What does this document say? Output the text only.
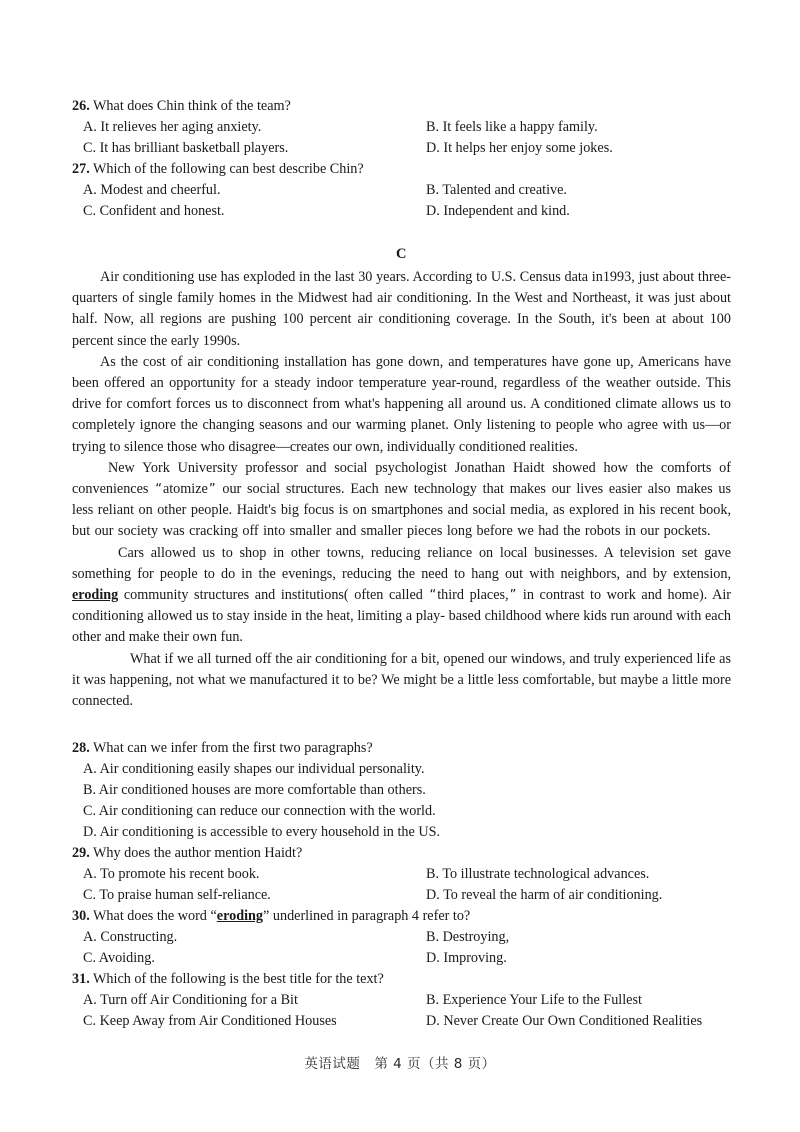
26. What does Chin think of the team?
A. It relieves her aging anxiety.	B. It feels like a happy family.
C. It has brilliant basketball players.	D. It helps her enjoy some jokes.
27. Which of the following can best describe Chin?
A. Modest and cheerful.	B. Talented and creative.
C. Confident and honest.	D. Independent and kind.
C
Air conditioning use has exploded in the last 30 years. According to U.S. Census data in1993, just about three-quarters of single family homes in the Midwest had air conditioning. In the West and Northeast, it was just about half. Now, all regions are pushing 100 percent air conditioning coverage. In the South, it's been at about 100 percent since the early 1990s.
As the cost of air conditioning installation has gone down, and temperatures have gone up, Americans have been offered an opportunity for a steady indoor temperature year-round, regardless of the weather outside. This drive for comfort forces us to disconnect from what's happening all around us. A conditioned climate allows us to completely ignore the changing seasons and our warming planet. Only listening to people who agree with us—or trying to silence those who disagree—creates our own, individually conditioned realities.
New York University professor and social psychologist Jonathan Haidt showed how the comforts of conveniences “atomize” our social structures. Each new technology that makes our lives easier also makes us less reliant on other people. Haidt's big focus is on smartphones and social media, as explored in his recent book, but our society was cracking off into smaller and smaller pieces long before we had the robots in our pockets.
Cars allowed us to shop in other towns, reducing reliance on local businesses. A television set gave something for people to do in the evenings, reducing the need to hang out with neighbors, and by extension, eroding community structures and institutions( often called “third places,” in contrast to work and home). Air conditioning allowed us to stay inside in the heat, limiting a play- based childhood where kids run around with each other and make their own fun.
What if we all turned off the air conditioning for a bit, opened our windows, and truly experienced life as it was happening, not what we manufactured it to be? We might be a little less comfortable, but maybe a little more connected.
28. What can we infer from the first two paragraphs?
A. Air conditioning easily shapes our individual personality.
B. Air conditioned houses are more comfortable than others.
C. Air conditioning can reduce our connection with the world.
D. Air conditioning is accessible to every household in the US.
29. Why does the author mention Haidt?
A. To promote his recent book.	B. To illustrate technological advances.
C. To praise human self-reliance.	D. To reveal the harm of air conditioning.
30. What does the word “eroding” underlined in paragraph 4 refer to?
A. Constructing.	B. Destroying,
C. Avoiding.	D. Improving.
31. Which of the following is the best title for the text?
A. Turn off Air Conditioning for a Bit	B. Experience Your Life to the Fullest
C. Keep Away from Air Conditioned Houses	D. Never Create Our Own Conditioned Realities
英语试题　第 4 页（共 8 页）
